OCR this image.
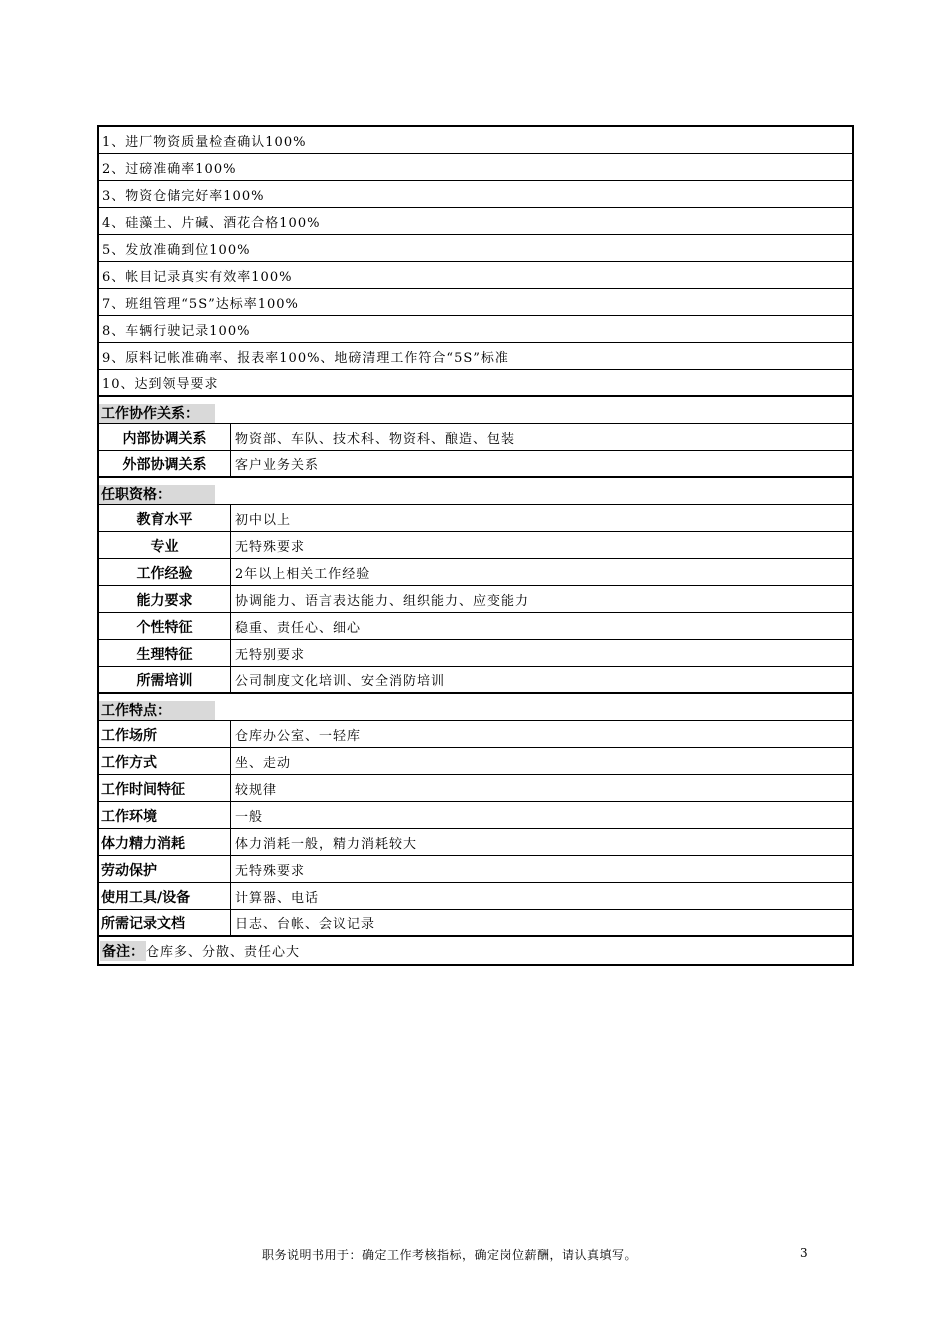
1、进厂物资质量检查确认100%
2、过磅准确率100%
3、物资仓储完好率100%
4、硅藻土、片碱、酒花合格100%
5、发放准确到位100%
6、帐目记录真实有效率100%
7、班组管理“5S”达标率100%
8、车辆行驶记录100%
9、原料记帐准确率、报表率100%、地磅清理工作符合“5S”标准
10、达到领导要求
工作协作关系：
内部协调关系	物资部、车队、技术科、物资科、酿造、包装
外部协调关系	客户业务关系
任职资格：
教育水平	初中以上
专业	无特殊要求
工作经验	2年以上相关工作经验
能力要求	协调能力、语言表达能力、组织能力、应变能力
个性特征	稳重、责任心、细心
生理特征	无特别要求
所需培训	公司制度文化培训、安全消防培训
工作特点：
工作场所	仓库办公室、一轻库
工作方式	坐、走动
工作时间特征	较规律
工作环境	一般
体力精力消耗	体力消耗一般，精力消耗较大
劳动保护	无特殊要求
使用工具/设备	计算器、电话
所需记录文档	日志、台帐、会议记录
备注： 仓库多、分散、责任心大
职务说明书用于：确定工作考核指标，确定岗位薪酬，请认真填写。	3
